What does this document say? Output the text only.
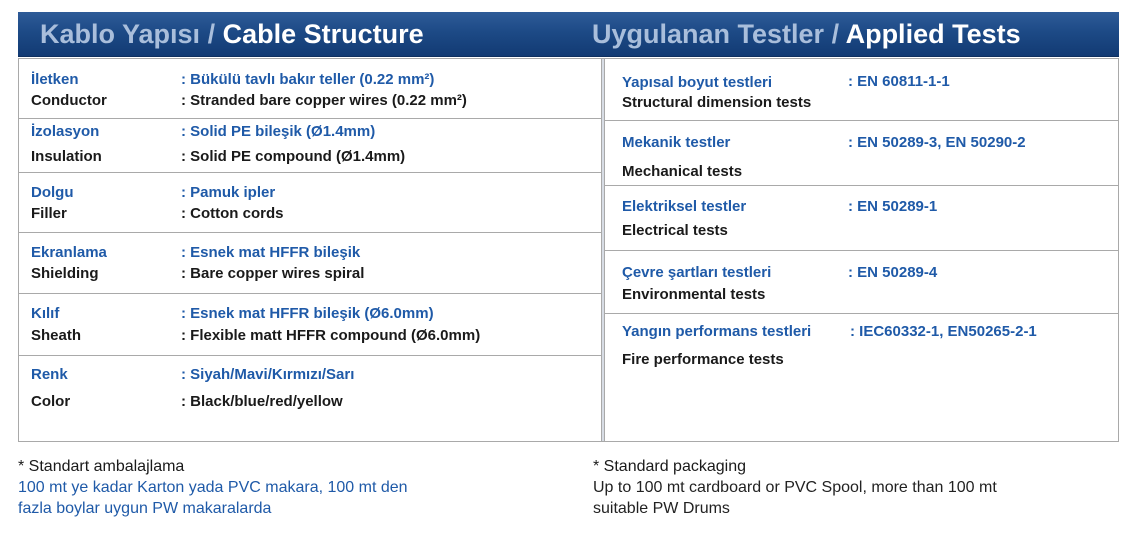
Kablo Yapısı / Cable Structure	Uygulanan Testler / Applied Tests
İletken	: Bükülü tavlı bakır teller (0.22 mm²)
Conductor	: Stranded bare copper wires (0.22 mm²)
İzolasyon	: Solid PE bileşik (Ø1.4mm)
Insulation	: Solid PE compound (Ø1.4mm)
Dolgu	: Pamuk ipler
Filler	: Cotton cords
Ekranlama	: Esnek mat HFFR bileşik
Shielding	: Bare copper wires spiral
Kılıf	: Esnek mat HFFR bileşik (Ø6.0mm)
Sheath	: Flexible matt HFFR compound (Ø6.0mm)
Renk	: Siyah/Mavi/Kırmızı/Sarı
Color	: Black/blue/red/yellow
Yapısal boyut testleri	: EN 60811-1-1
Structural dimension tests
Mekanik testler	: EN 50289-3, EN 50290-2
Mechanical tests
Elektriksel testler	: EN 50289-1
Electrical tests
Çevre şartları testleri	: EN 50289-4
Environmental tests
Yangın performans testleri	: IEC60332-1, EN50265-2-1
Fire performance tests
* Standart ambalajlama
100 mt ye kadar Karton yada PVC makara, 100 mt den
fazla boylar uygun PW makaralarda
* Standard packaging
Up to 100 mt cardboard or PVC Spool, more than 100 mt
suitable PW Drums
